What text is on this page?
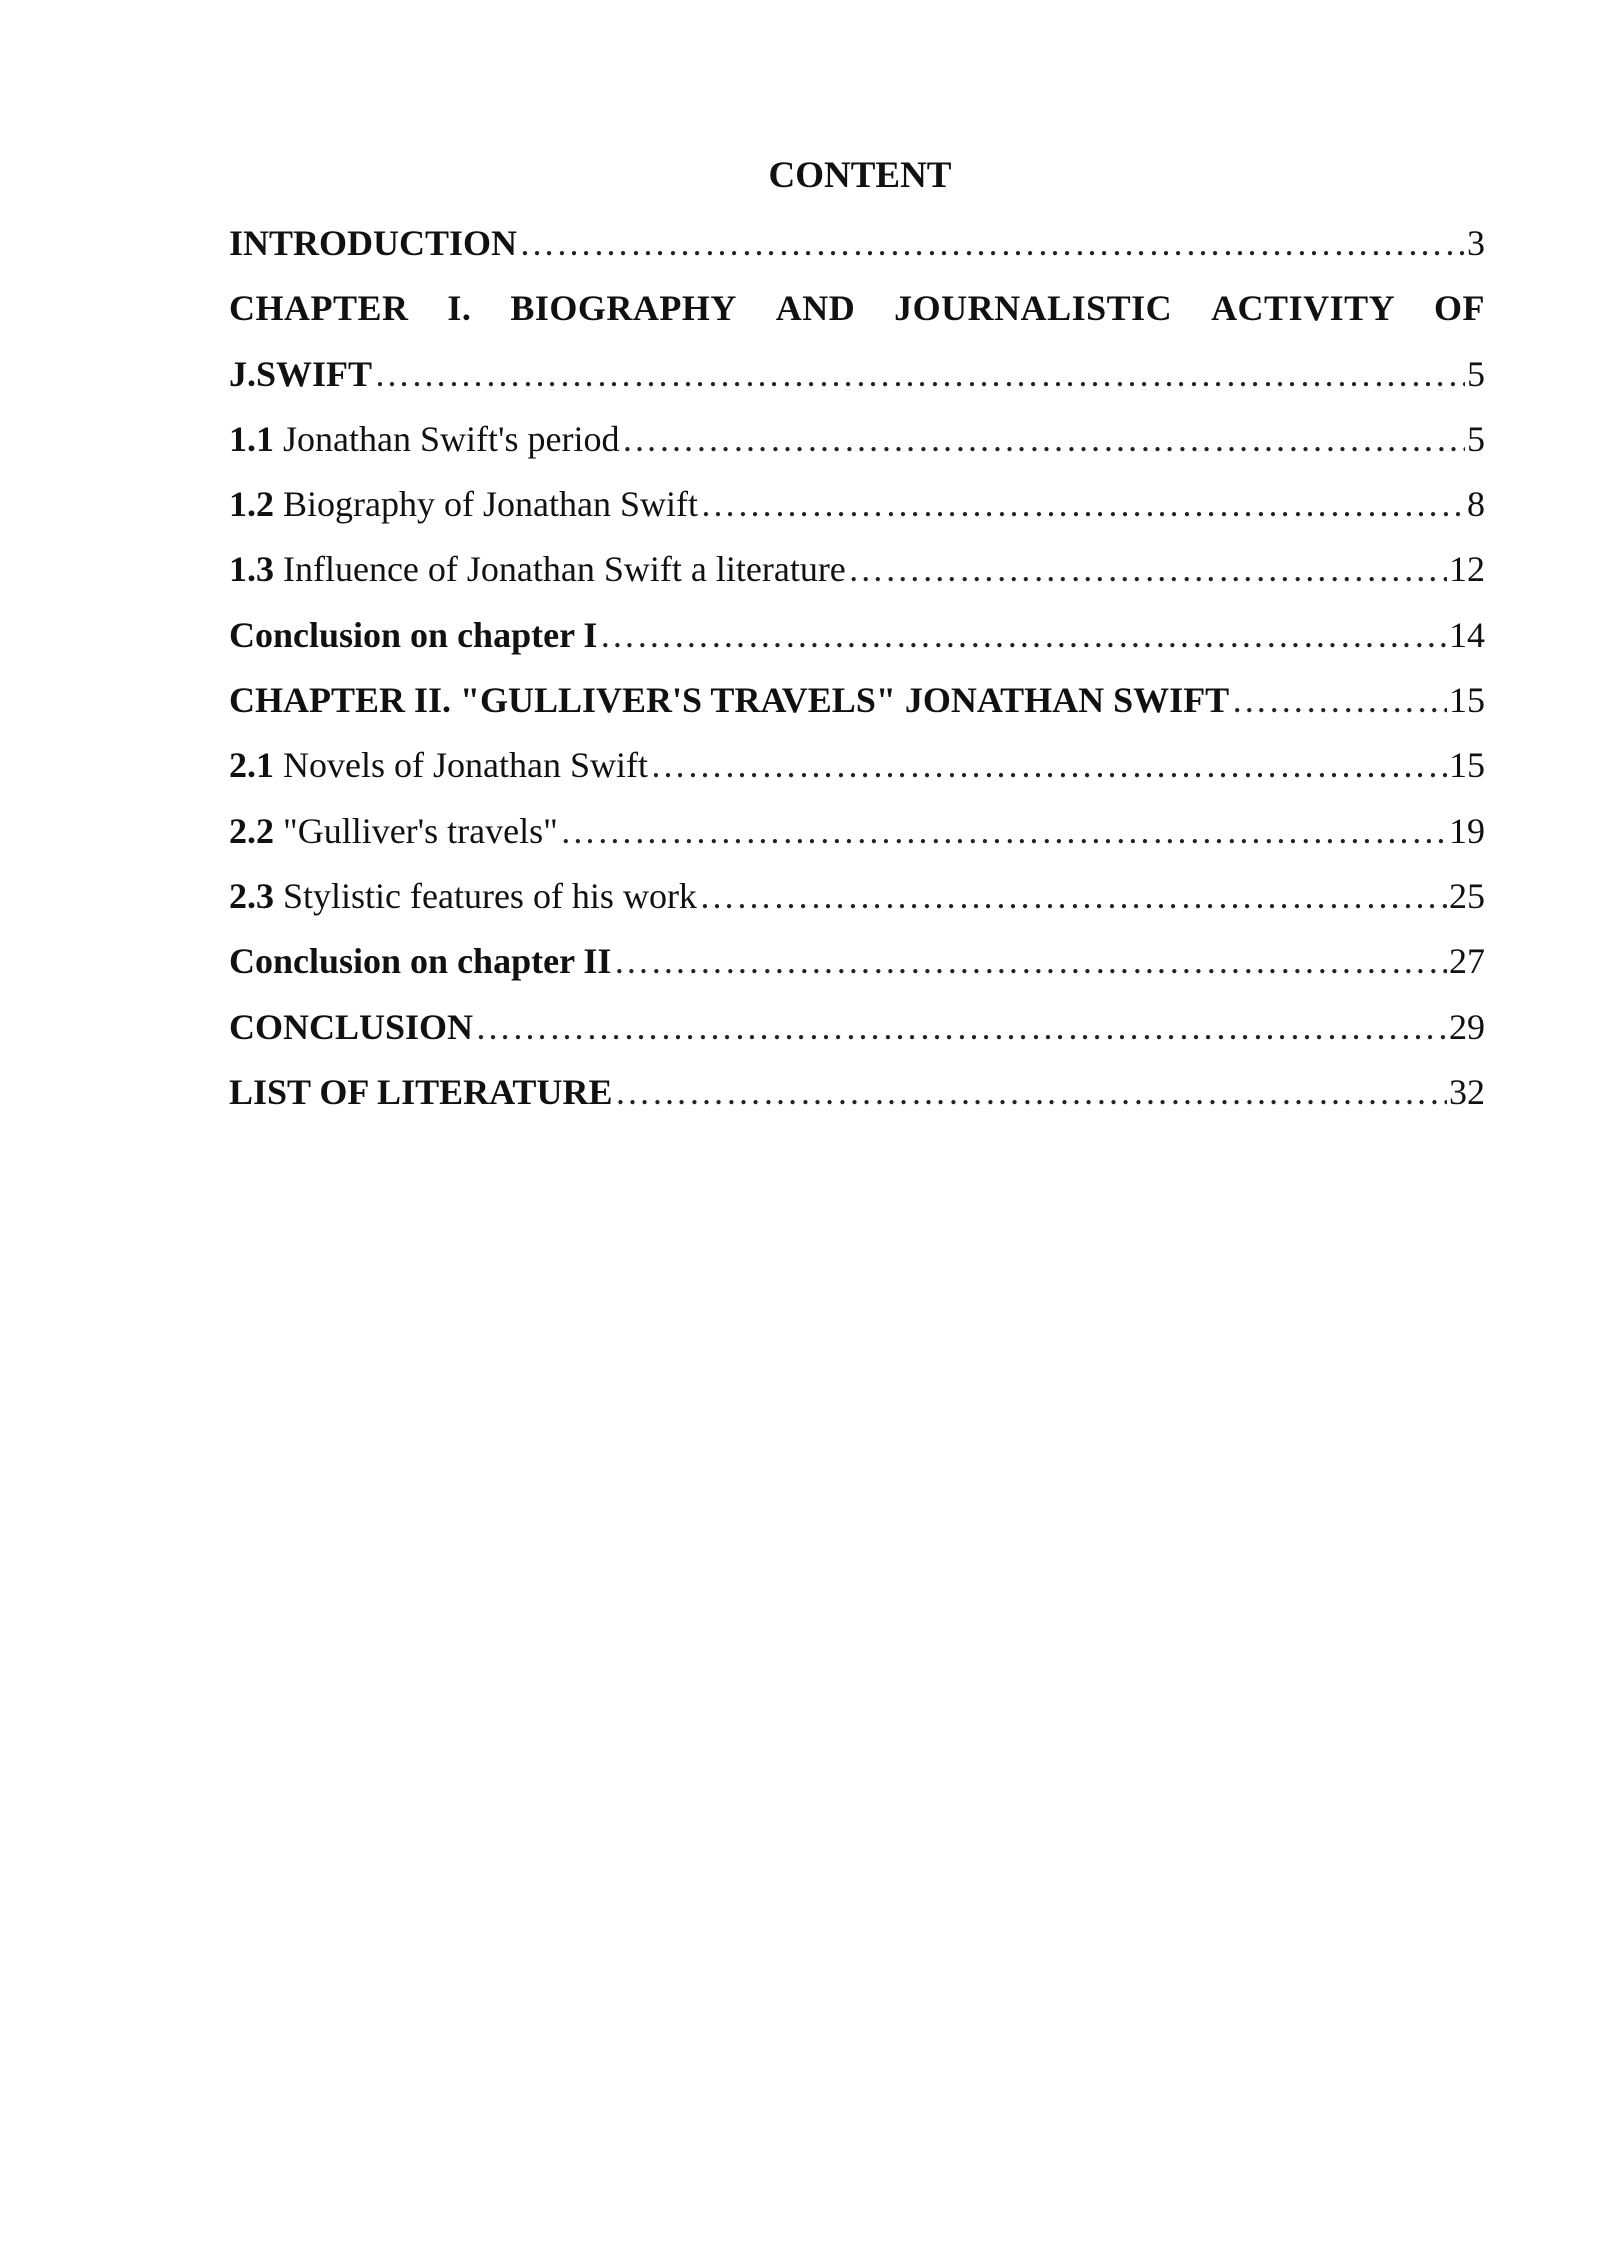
CONTENT
INTRODUCTION ……………………………………………………………………………………………………………………………………………………………………………………………………………………………………	3
CHAPTER I. BIOGRAPHY AND JOURNALISTIC ACTIVITY OF
J.SWIFT ……………………………………………………………………………………………………………………………………………………………………………………………………………………………………	5
1.1 Jonathan Swift's period ……………………………………………………………………………………………………………………………………………………………………………………………………………………………………	5
1.2 Biography of Jonathan Swift ……………………………………………………………………………………………………………………………………………………………………………………………………………………………………	8
1.3 Influence of Jonathan Swift a literature ……………………………………………………………………………………………………………………………………………………………………………………………………………………………………	12
Conclusion on chapter I ……………………………………………………………………………………………………………………………………………………………………………………………………………………………………	14
CHAPTER II. "GULLIVER'S TRAVELS" JONATHAN SWIFT ……………………………………………………………………………………………………………………………………………………………………………………………………………………………………	15
2.1 Novels of Jonathan Swift ……………………………………………………………………………………………………………………………………………………………………………………………………………………………………	15
2.2 "Gulliver's travels" ……………………………………………………………………………………………………………………………………………………………………………………………………………………………………	19
2.3 Stylistic features of his work ……………………………………………………………………………………………………………………………………………………………………………………………………………………………………	25
Conclusion on chapter II ……………………………………………………………………………………………………………………………………………………………………………………………………………………………………	27
CONCLUSION ……………………………………………………………………………………………………………………………………………………………………………………………………………………………………	29
LIST OF LITERATURE ……………………………………………………………………………………………………………………………………………………………………………………………………………………………………	32
